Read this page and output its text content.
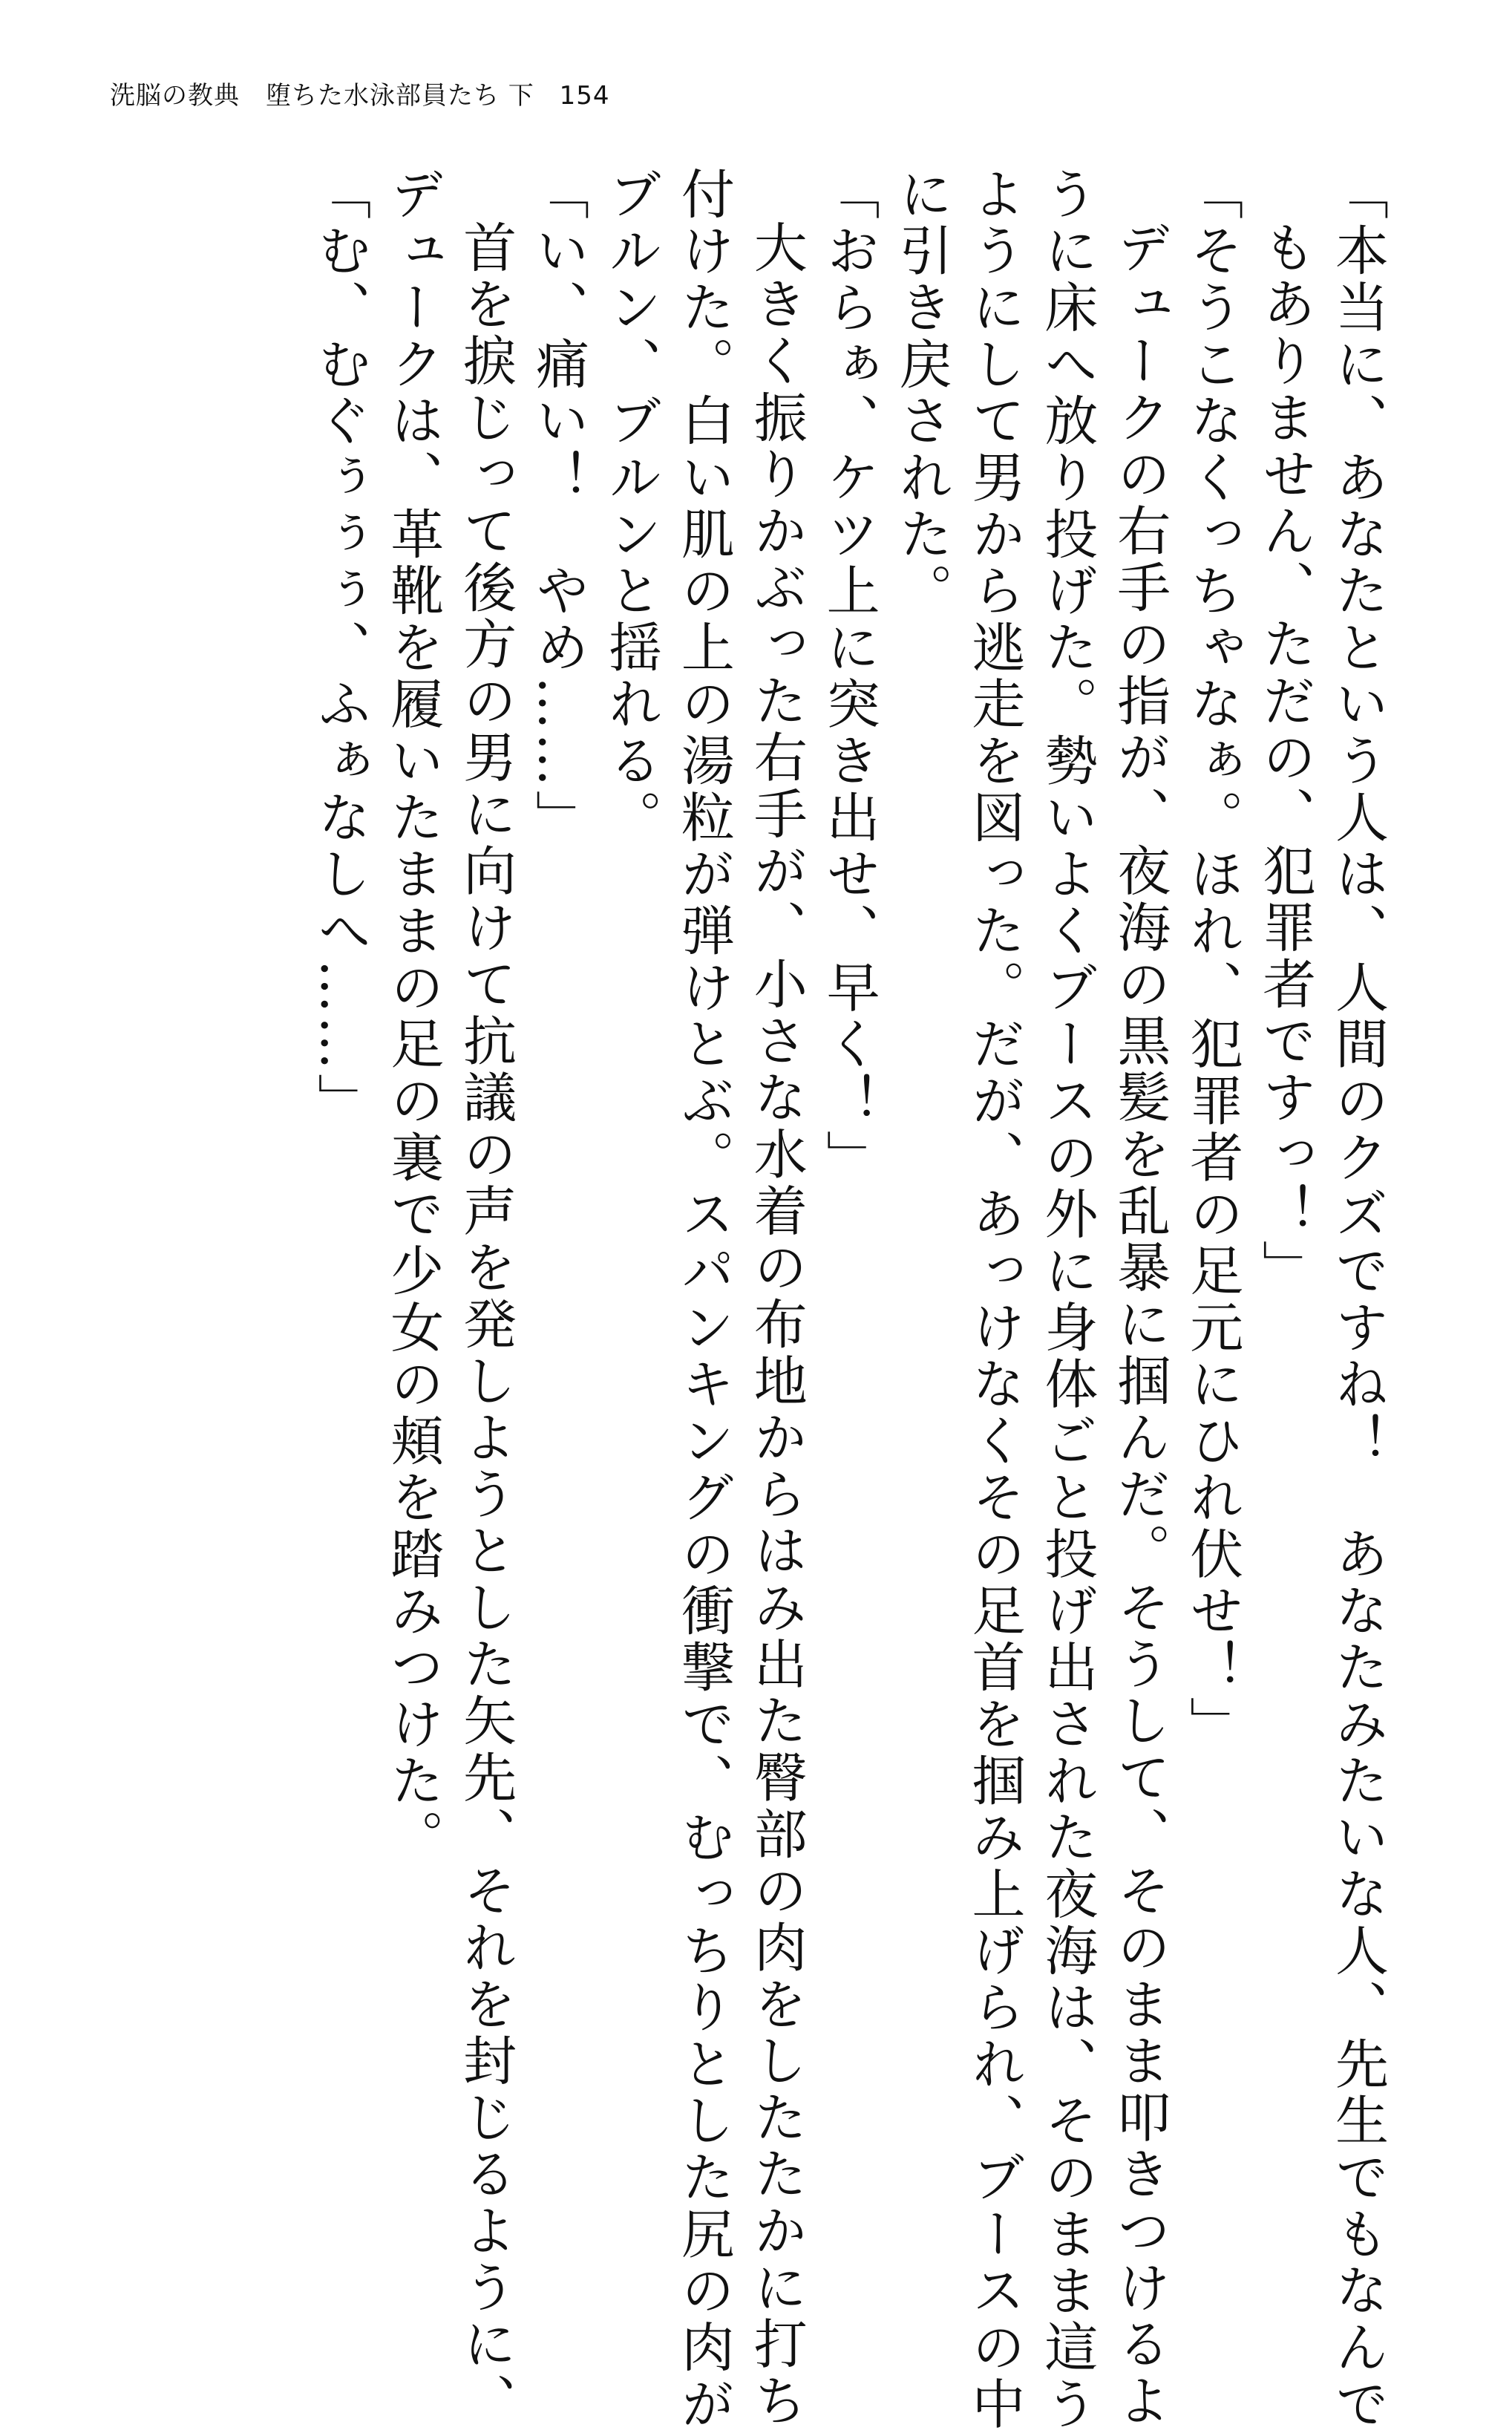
洗脳の教典　堕ちた水泳部員たち 下 154
「本当に、あなたという人は、人間のクズですね！　あなたみたいな人、先生でもなんで
もありません、ただの、犯罪者ですっ！」
「そうこなくっちゃなぁ。ほれ、犯罪者の足元にひれ伏せ！」
デュークの右手の指が、夜海の黒髪を乱暴に掴んだ。そうして、そのまま叩きつけるよ
うに床へ放り投げた。勢いよくブースの外に身体ごと投げ出された夜海は、そのまま這う
ようにして男から逃走を図った。だが、あっけなくその足首を掴み上げられ、ブースの中
に引き戻された。
「おらぁ、ケツ上に突き出せ、早く！」
大きく振りかぶった右手が、小さな水着の布地からはみ出た臀部の肉をしたたかに打ち
付けた。白い肌の上の湯粒が弾けとぶ。スパンキングの衝撃で、むっちりとした尻の肉が
ブルン、ブルンと揺れる。
「い、痛い！　やめ……」
首を捩じって後方の男に向けて抗議の声を発しようとした矢先、それを封じるように、
デュークは、革靴を履いたままの足の裏で少女の頬を踏みつけた。
「む、むぐぅぅぅ、ふぁなしへ……」
